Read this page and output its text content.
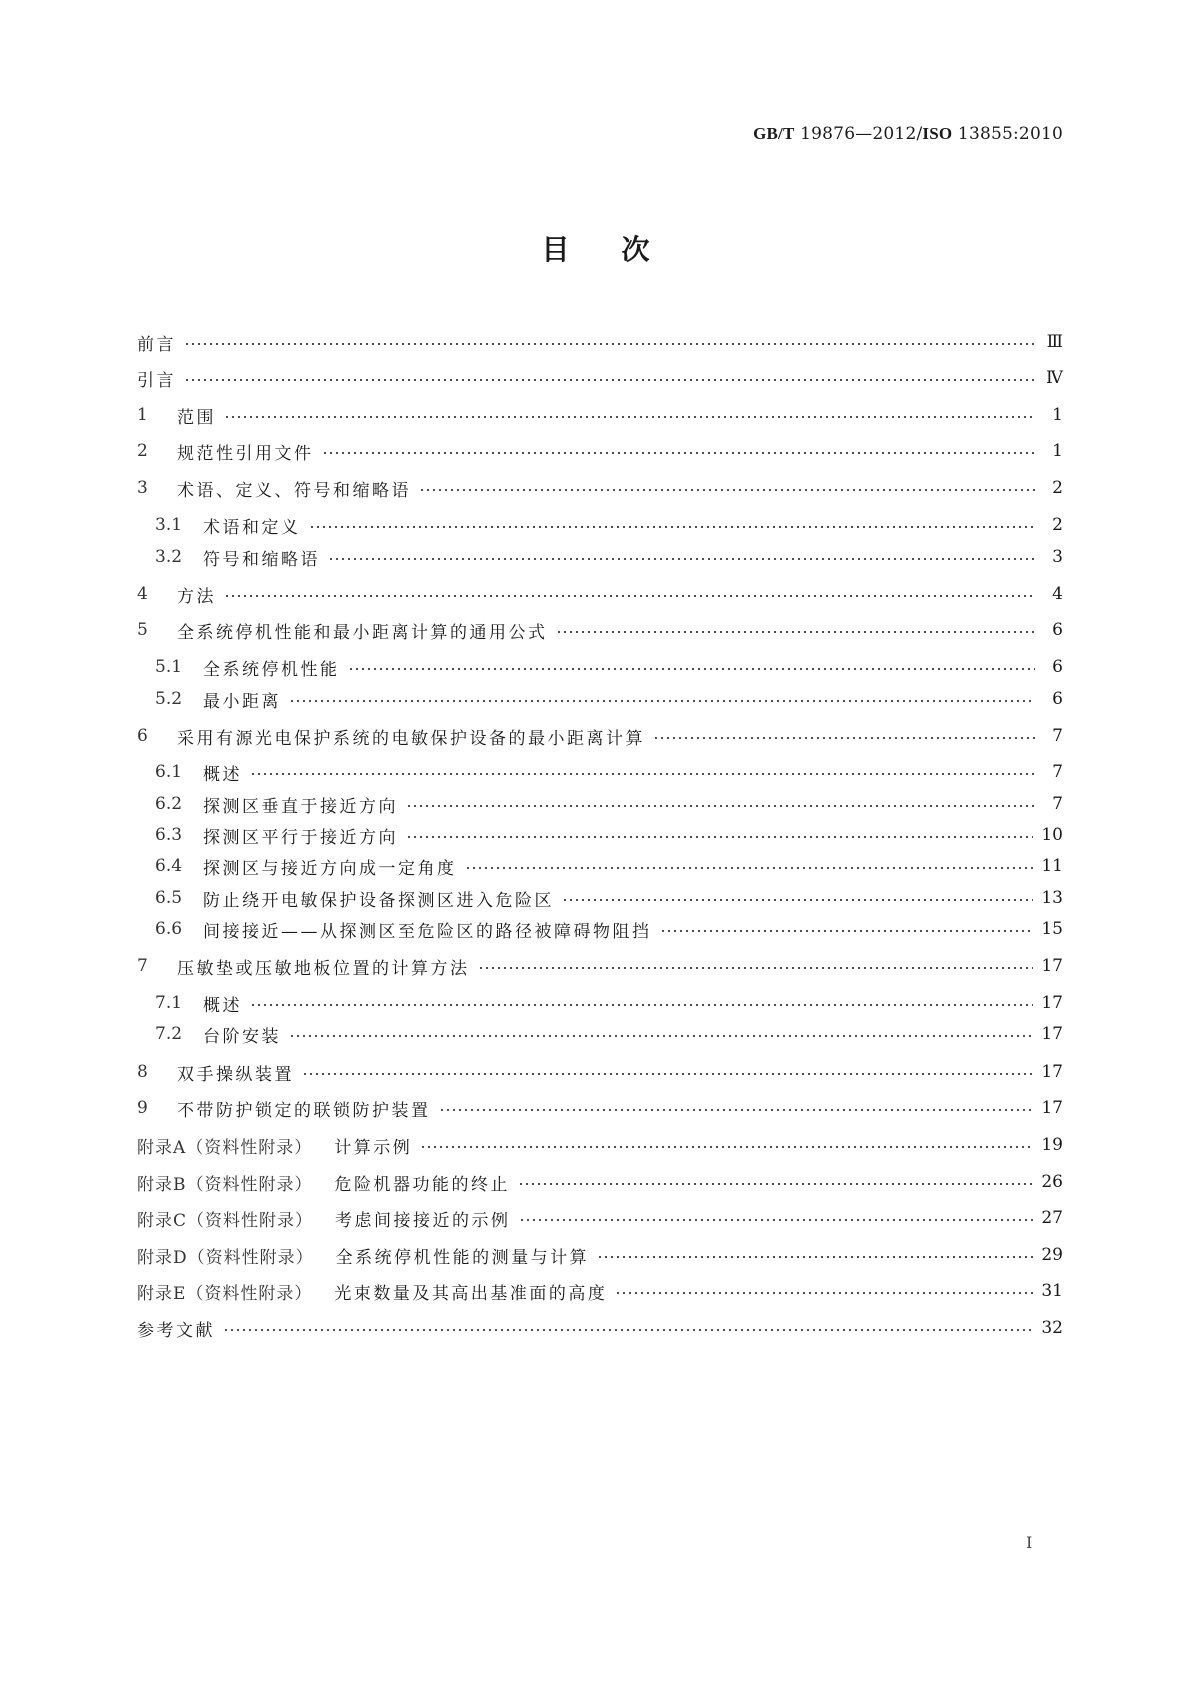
GB/T 19876—2012/ISO 13855:2010
目次
前言	Ⅲ
引言	Ⅳ
1	范围	1
2	规范性引用文件	1
3	术语、定义、符号和缩略语	2
3.1	术语和定义	2
3.2	符号和缩略语	3
4	方法	4
5	全系统停机性能和最小距离计算的通用公式	6
5.1	全系统停机性能	6
5.2	最小距离	6
6	采用有源光电保护系统的电敏保护设备的最小距离计算	7
6.1	概述	7
6.2	探测区垂直于接近方向	7
6.3	探测区平行于接近方向	10
6.4	探测区与接近方向成一定角度	11
6.5	防止绕开电敏保护设备探测区进入危险区	13
6.6	间接接近——从探测区至危险区的路径被障碍物阻挡	15
7	压敏垫或压敏地板位置的计算方法	17
7.1	概述	17
7.2	台阶安装	17
8	双手操纵装置	17
9	不带防护锁定的联锁防护装置	17
附录A（资料性附录） 计算示例	19
附录B（资料性附录） 危险机器功能的终止	26
附录C（资料性附录） 考虑间接接近的示例	27
附录D（资料性附录） 全系统停机性能的测量与计算	29
附录E（资料性附录） 光束数量及其高出基准面的高度	31
参考文献	32
I
